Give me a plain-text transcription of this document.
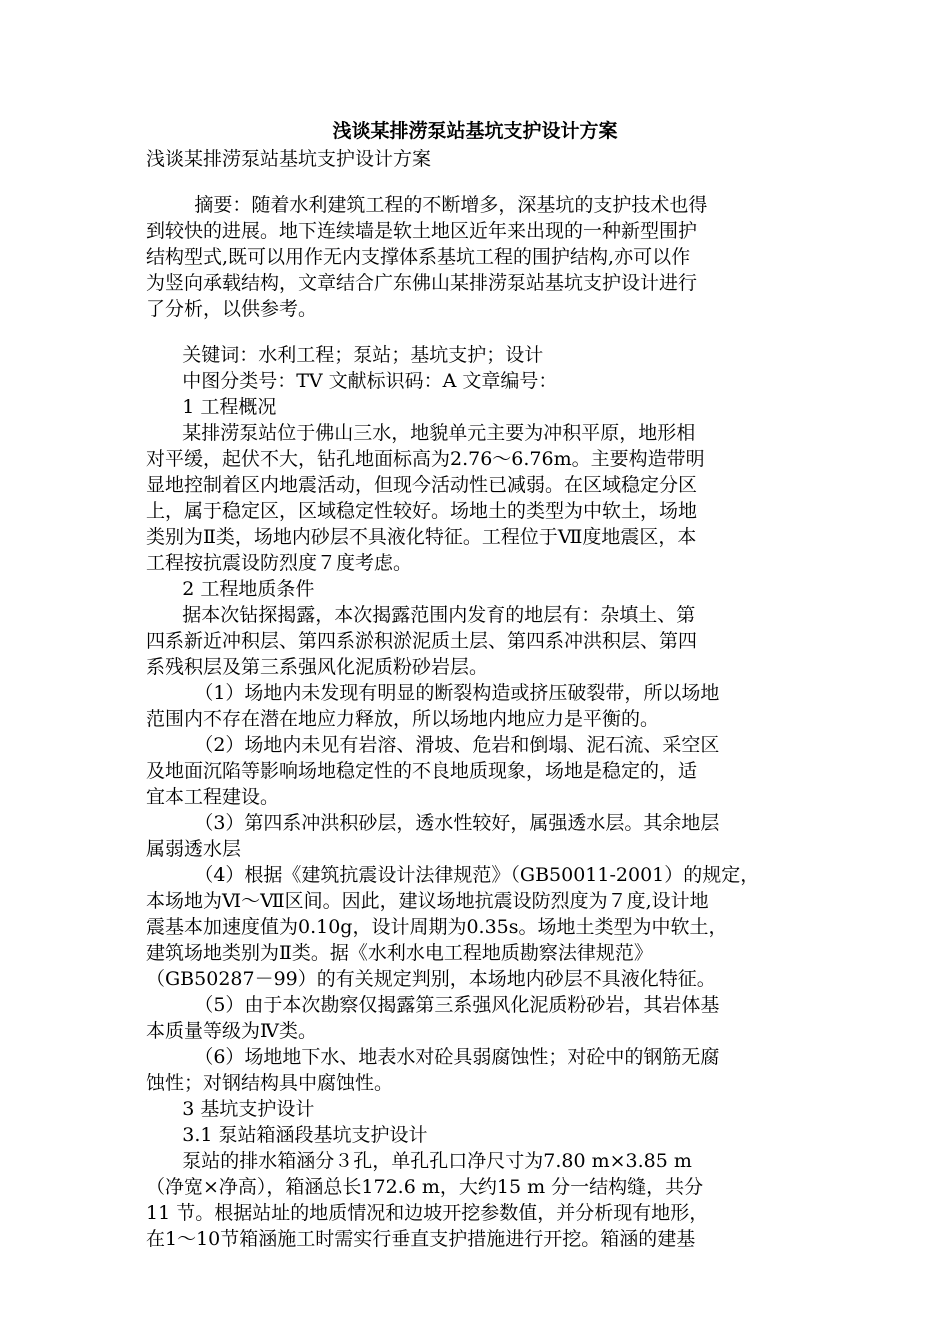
浅谈某排涝泵站基坑支护设计方案
浅谈某排涝泵站基坑支护设计方案
摘要：随着水利建筑工程的不断增多，深基坑的支护技术也得
到较快的进展。地下连续墙是软土地区近年来出现的一种新型围护
结构型式,既可以用作无内支撑体系基坑工程的围护结构,亦可以作
为竖向承载结构，文章结合广东佛山某排涝泵站基坑支护设计进行
了分析，以供参考。
关键词：水利工程；泵站；基坑支护；设计
中图分类号：TV 文献标识码：A 文章编号：
1 工程概况
某排涝泵站位于佛山三水，地貌单元主要为冲积平原，地形相
对平缓，起伏不大，钻孔地面标高为2.76～6.76m。主要构造带明
显地控制着区内地震活动，但现今活动性已减弱。在区域稳定分区
上，属于稳定区，区域稳定性较好。场地土的类型为中软土，场地
类别为Ⅱ类，场地内砂层不具液化特征。工程位于Ⅶ度地震区，本
工程按抗震设防烈度７度考虑。
2 工程地质条件
据本次钻探揭露，本次揭露范围内发育的地层有：杂填土、第
四系新近冲积层、第四系淤积淤泥质土层、第四系冲洪积层、第四
系残积层及第三系强风化泥质粉砂岩层。
（1）场地内未发现有明显的断裂构造或挤压破裂带，所以场地
范围内不存在潜在地应力释放，所以场地内地应力是平衡的。
（2）场地内未见有岩溶、滑坡、危岩和倒塌、泥石流、采空区
及地面沉陷等影响场地稳定性的不良地质现象，场地是稳定的，适
宜本工程建设。
（3）第四系冲洪积砂层，透水性较好，属强透水层。其余地层
属弱透水层
（4）根据《建筑抗震设计法律规范》（GB50011-2001）的规定，
本场地为Ⅵ～Ⅶ区间。因此，建议场地抗震设防烈度为７度,设计地
震基本加速度值为0.10g，设计周期为0.35s。场地土类型为中软土，
建筑场地类别为Ⅱ类。据《水利水电工程地质勘察法律规范》
（GB50287－99）的有关规定判别，本场地内砂层不具液化特征。
（5）由于本次勘察仅揭露第三系强风化泥质粉砂岩，其岩体基
本质量等级为Ⅳ类。
（6）场地地下水、地表水对砼具弱腐蚀性；对砼中的钢筋无腐
蚀性；对钢结构具中腐蚀性。
3 基坑支护设计
3.1 泵站箱涵段基坑支护设计
泵站的排水箱涵分３孔，单孔孔口净尺寸为7.80 m×3.85 m
（净宽×净高），箱涵总长172.6 m，大约15 m 分一结构缝，共分
11 节。根据站址的地质情况和边坡开挖参数值，并分析现有地形，
在1～10节箱涵施工时需实行垂直支护措施进行开挖。箱涵的建基
